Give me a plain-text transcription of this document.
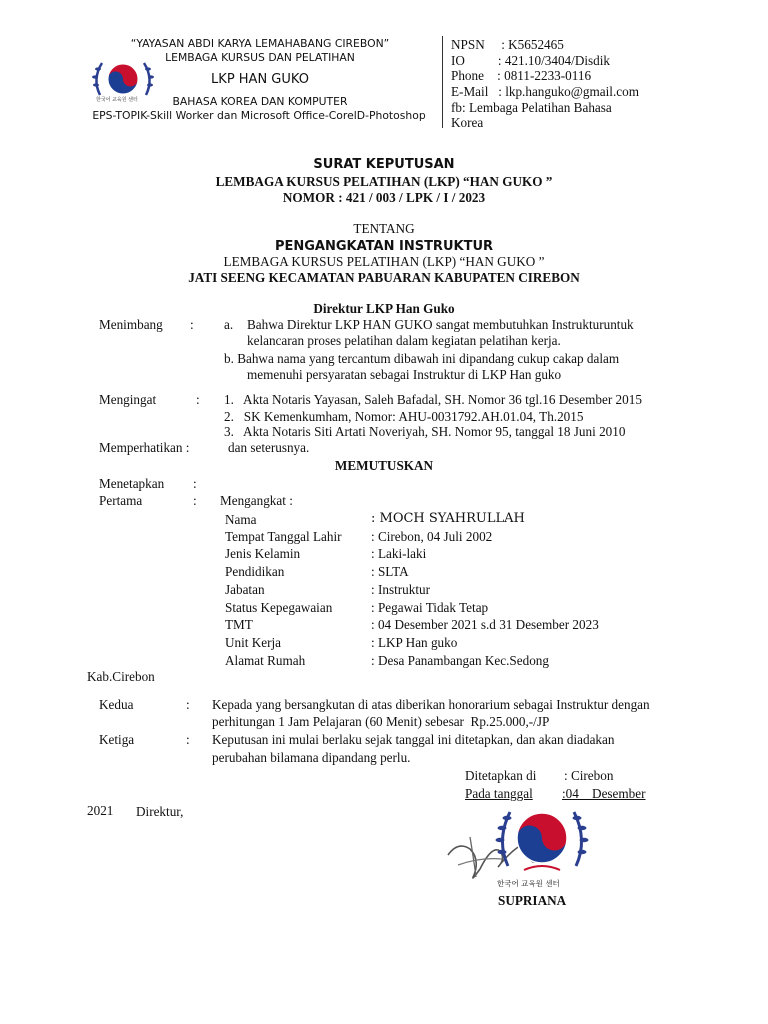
한국어 교육원 센터
“YAYASAN ABDI KARYA LEMAHABANG CIREBON”
LEMBAGA KURSUS DAN PELATIHAN
LKP HAN GUKO
BAHASA KOREA DAN KOMPUTER
EPS-TOPIK-Skill Worker dan Microsoft Office-CorelD-Photoshop
NPSN     : K5652465
IO          : 421.10/3404/Disdik
Phone    : 0811-2233-0116
E-Mail   : lkp.hanguko@gmail.com
fb: Lembaga Pelatihan Bahasa
Korea
SURAT KEPUTUSAN
LEMBAGA KURSUS PELATIHAN (LKP) “HAN GUKO ”
NOMOR : 421 / 003 / LPK / I / 2023
TENTANG
PENGANGKATAN INSTRUKTUR
LEMBAGA KURSUS PELATIHAN (LKP) “HAN GUKO ”
JATI SEENG KECAMATAN PABUARAN KABUPATEN CIREBON
Direktur LKP Han Guko
Menimbang : a. Bahwa Direktur LKP HAN GUKO sangat membutuhkan Instrukturuntuk
kelancaran proses pelatihan dalam kegiatan pelatihan kerja.
b. Bahwa nama yang tercantum dibawah ini dipandang cukup cakap dalam
memenuhi persyaratan sebagai Instruktur di LKP Han guko
Mengingat	: 1.   Akta Notaris Yayasan, Saleh Bafadal, SH. Nomor 36 tgl.16 Desember 2015
2.   SK Kemenkumham, Nomor: AHU-0031792.AH.01.04, Th.2015
3.   Akta Notaris Siti Artati Noveriyah, SH. Nomor 95, tanggal 18 Juni 2010
Memperhatikan :	dan seterusnya.
MEMUTUSKAN
Menetapkan :
Pertama	: Mengangkat :
Nama	: MOCH SYAHRULLAH
Tempat Tanggal Lahir : Cirebon, 04 Juli 2002
Jenis Kelamin	: Laki-laki
Pendidikan	: SLTA
Jabatan	: Instruktur
Status Kepegawaian	: Pegawai Tidak Tetap
TMT	: 04 Desember 2021 s.d 31 Desember 2023
Unit Kerja	: LKP Han guko
Alamat Rumah	: Desa Panambangan Kec.Sedong
Kab.Cirebon
Kedua	: Kepada yang bersangkutan di atas diberikan honorarium sebagai Instruktur dengan
perhitungan 1 Jam Pelajaran (60 Menit) sebesar  Rp.25.000,-/JP
Ketiga	: Keputusan ini mulai berlaku sejak tanggal ini ditetapkan, dan akan diadakan
perubahan bilamana dipandang perlu.
Ditetapkan di : Cirebon
Pada tanggal	:04    Desember
2021 Direktur,
한국어 교육원 센터
SUPRIANA
